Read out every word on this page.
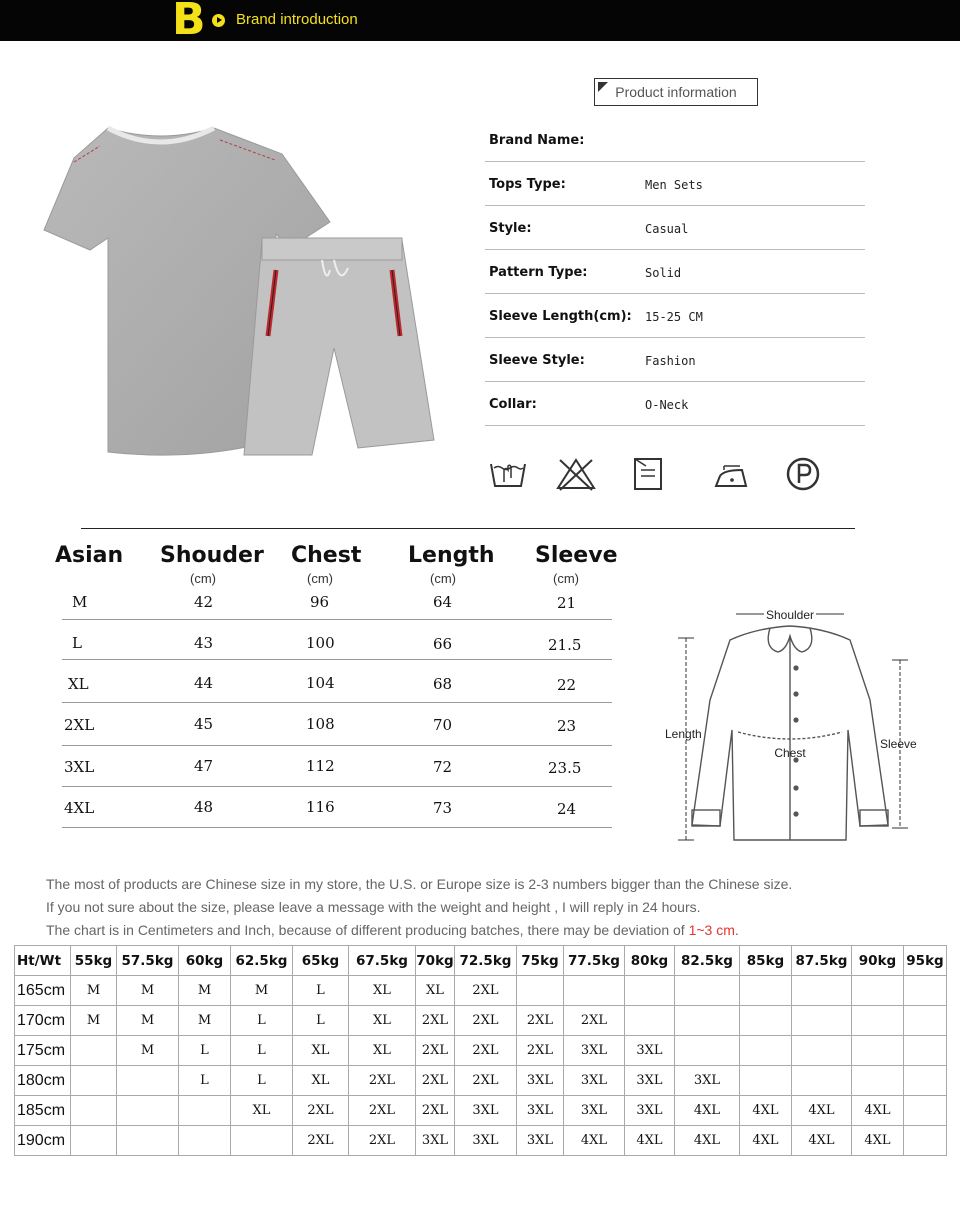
B Brand introduction
Product information
Brand Name:
Tops Type:	Men Sets
Style:	Casual
Pattern Type:	Solid
Sleeve Length(cm): 15-25 CM
Sleeve Style:	Fashion
Collar:	O-Neck
Asian Shouder Chest Length Sleeve
(cm)	(cm)	(cm)	(cm)
M	42	96	64	21
L	43	100	66	21.5
XL	44	104	68	22
2XL	45	108	70	23
3XL	47	112	72	23.5
4XL	48	116	73	24
Shoulder
Length
Chest
Sleeve
The most of products are Chinese size in my store, the U.S. or Europe size is 2-3 numbers bigger than the Chinese size.
If you not sure about the size, please leave a message with the weight and height , I will reply in 24 hours.
The chart is in Centimeters and Inch, because of different producing batches, there may be deviation of 1~3 cm.
Ht/Wt	55kg	57.5kg	60kg	62.5kg	65kg	67.5kg	70kg	72.5kg	75kg	77.5kg	80kg	82.5kg	85kg	87.5kg	90kg	95kg
165cm	M	M	M	M	L	XL	XL	2XL								
170cm	M	M	M	L	L	XL	2XL	2XL	2XL	2XL						
175cm		M	L	L	XL	XL	2XL	2XL	2XL	3XL	3XL					
180cm			L	L	XL	2XL	2XL	2XL	3XL	3XL	3XL	3XL				
185cm				XL	2XL	2XL	2XL	3XL	3XL	3XL	3XL	4XL	4XL	4XL	4XL	
190cm					2XL	2XL	3XL	3XL	3XL	4XL	4XL	4XL	4XL	4XL	4XL	
